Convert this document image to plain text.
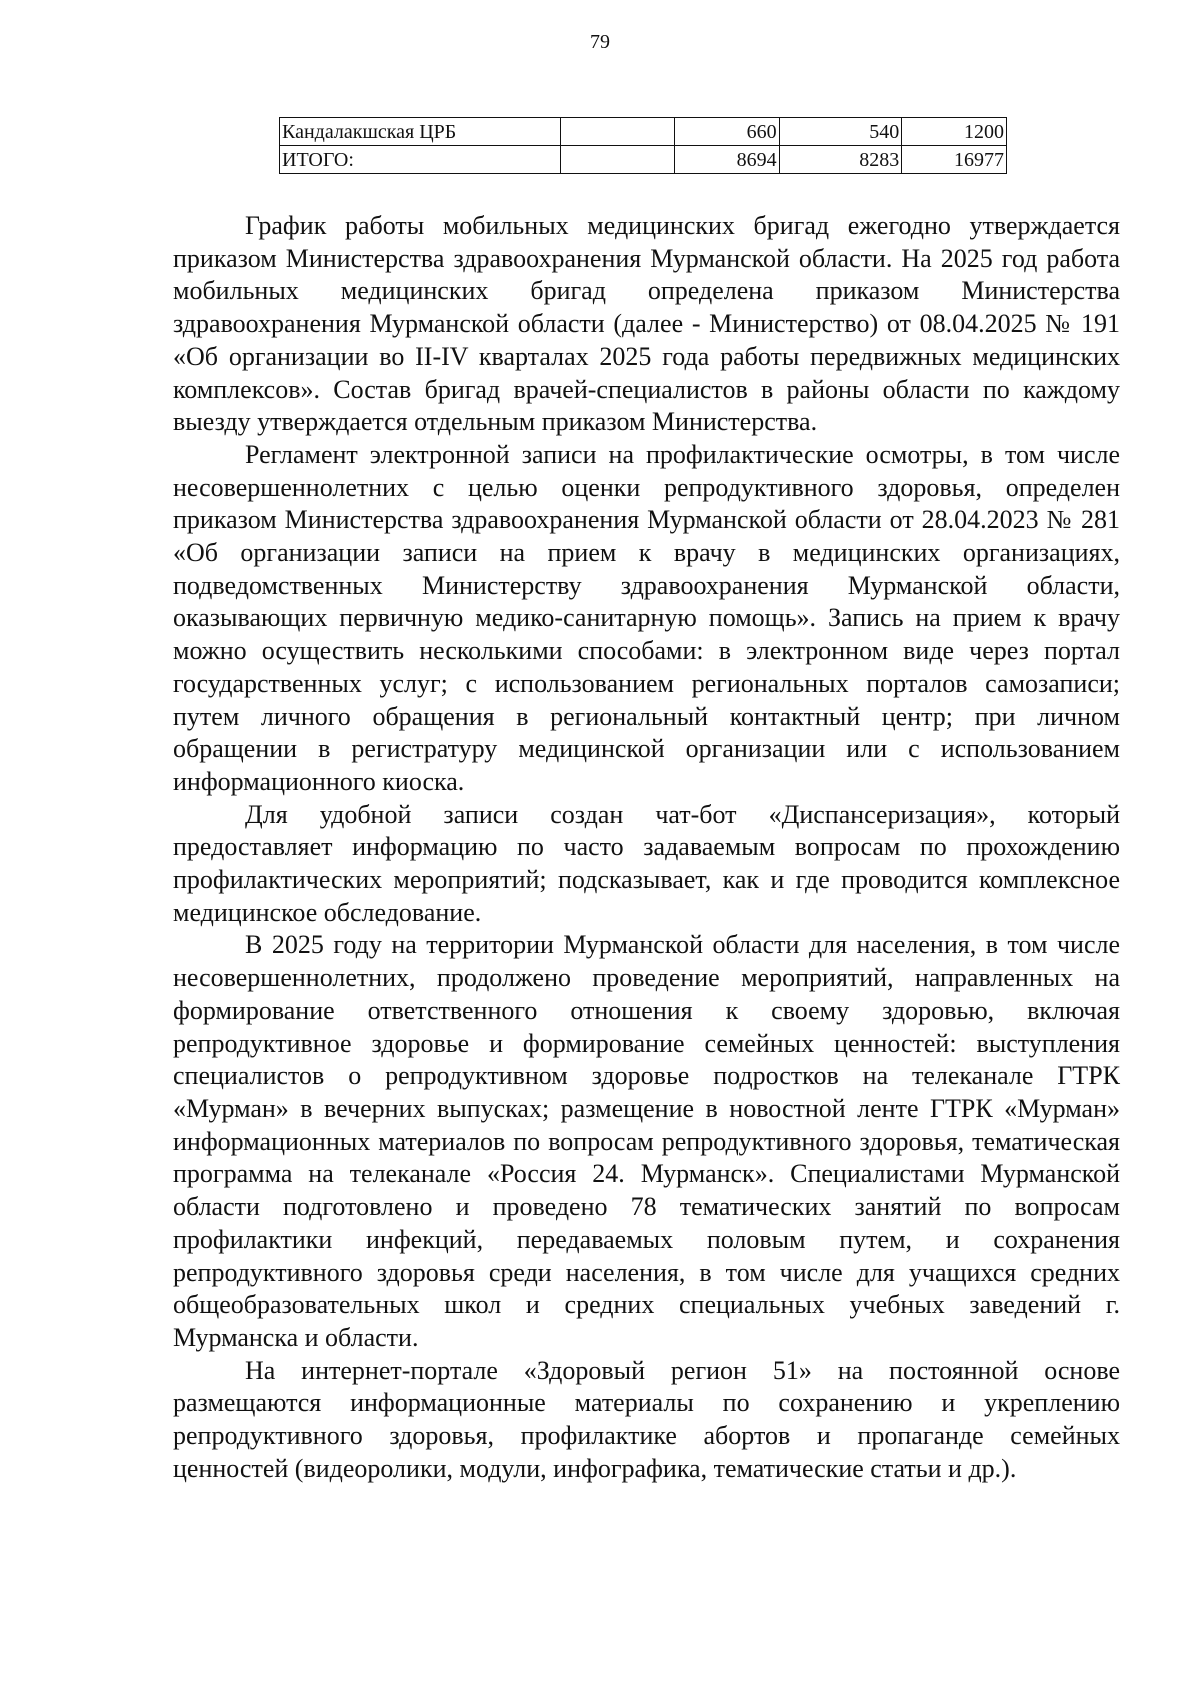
79
Кандалакшская ЦРБ		660	540	1200
ИТОГО:		8694	8283	16977

График работы мобильных медицинских бригад ежегодно утверждается приказом Министерства здравоохранения Мурманской области. На 2025 год работа мобильных медицинских бригад определена приказом Министерства здравоохранения Мурманской области (далее - Министерство) от 08.04.2025 № 191 «Об организации во II-IV кварталах 2025 года работы передвижных медицинских комплексов». Состав бригад врачей-специалистов в районы области по каждому выезду утверждается отдельным приказом Министерства.

Регламент электронной записи на профилактические осмотры, в том числе несовершеннолетних с целью оценки репродуктивного здоровья, определен приказом Министерства здравоохранения Мурманской области от 28.04.2023 № 281 «Об организации записи на прием к врачу в медицинских организациях, подведомственных Министерству здравоохранения Мурманской области, оказывающих первичную медико-санитарную помощь». Запись на прием к врачу можно осуществить несколькими способами: в электронном виде через портал государственных услуг; с использованием региональных порталов самозаписи; путем личного обращения в региональный контактный центр; при личном обращении в регистратуру медицинской организации или с использованием информационного киоска.

Для удобной записи создан чат-бот «Диспансеризация», который предоставляет информацию по часто задаваемым вопросам по прохождению профилактических мероприятий; подсказывает, как и где проводится комплексное медицинское обследование.

В 2025 году на территории Мурманской области для населения, в том числе несовершеннолетних, продолжено проведение мероприятий, направленных на формирование ответственного отношения к своему здоровью, включая репродуктивное здоровье и формирование семейных ценностей: выступления специалистов о репродуктивном здоровье подростков на телеканале ГТРК «Мурман» в вечерних выпусках; размещение в новостной ленте ГТРК «Мурман» информационных материалов по вопросам репродуктивного здоровья, тематическая программа на телеканале «Россия 24. Мурманск». Специалистами Мурманской области подготовлено и проведено 78 тематических занятий по вопросам профилактики инфекций, передаваемых половым путем, и сохранения репродуктивного здоровья среди населения, в том числе для учащихся средних общеобразовательных школ и средних специальных учебных заведений г. Мурманска и области.

На интернет-портале «Здоровый регион 51» на постоянной основе размещаются информационные материалы по сохранению и укреплению репродуктивного здоровья, профилактике абортов и пропаганде семейных ценностей (видеоролики, модули, инфографика, тематические статьи и др.).
